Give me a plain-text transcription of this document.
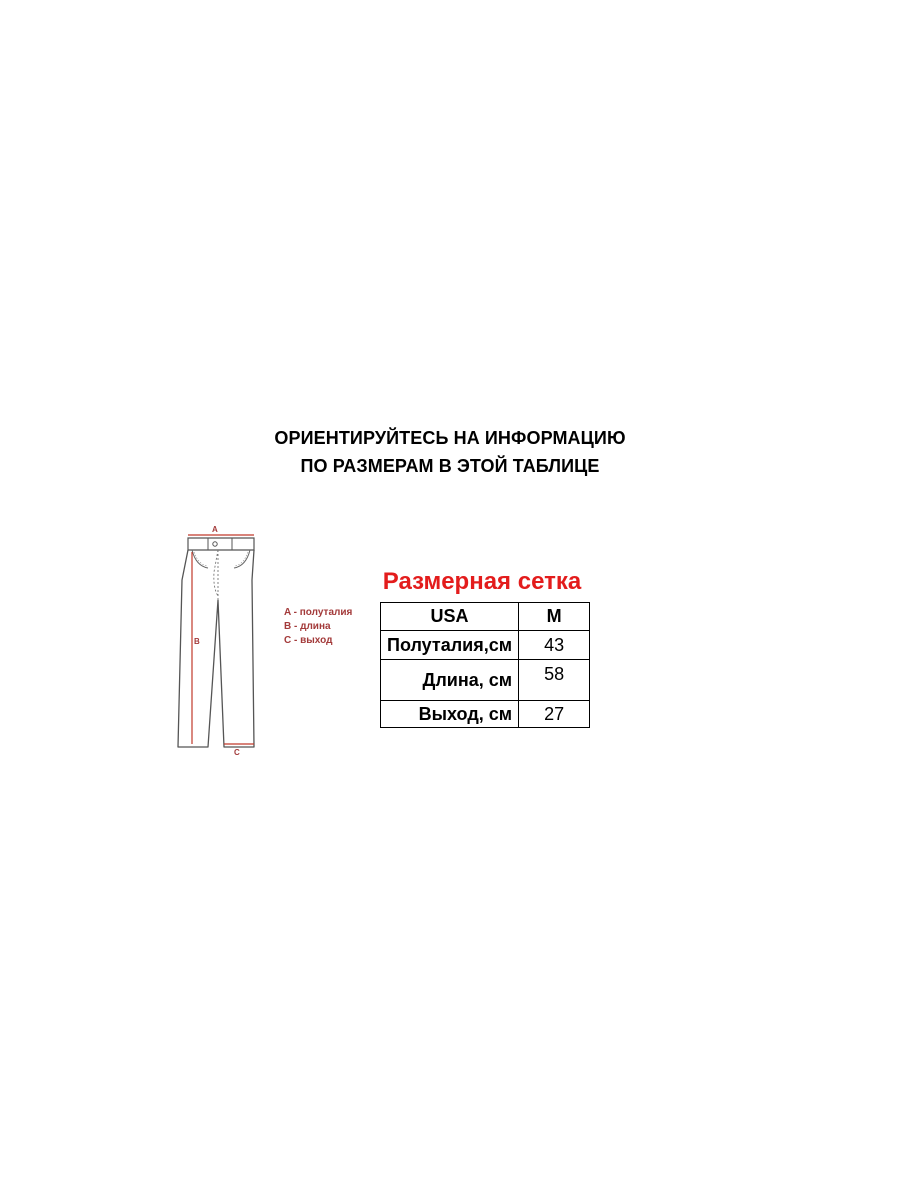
ОРИЕНТИРУЙТЕСЬ НА ИНФОРМАЦИЮ
ПО РАЗМЕРАМ В ЭТОЙ ТАБЛИЦЕ
A
B
C
A - полуталия
B - длина
C - выход
Размерная сетка
USA	M
Полуталия,см	43
Длина, см	58
Выход, см	27
